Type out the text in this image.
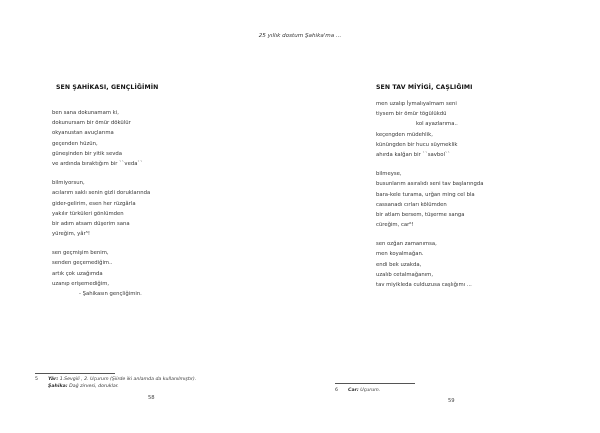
25 yıllık dostum Şahika'ma ...
SEN ŞAHİKASI, GENÇLİĞİMİN
ben sana dokunamam ki,
dokunursam bir ömür dökülür
okyanustan avuçlarıma
geçenden hüzün,
güneşinden bir yitik sevda
ve ardında bıraktığım bir ``veda``
bilmiyorsun,
acılarım saklı senin gizli doruklarında
gider-gelirim, esen her rüzgârla
yakılır türküleri gönlümden
bir adım atsam düşerim sana
yüreğim, yâr⁵!
sen geçmişim benim,
senden geçemediğim..
artık çok uzağımda
uzanıp erişemediğim,
- Şahikasın gençliğimin.
5 Yâr: 1.Sevgili , 2. Uçurum (Şiirde iki anlamda da kullanılmıştır).
Şahika: Dağ zirvesi, doruklar.
58
SEN TAV MİYİGİ, CAŞLIĞIMI
men uzalıp İymalıyalmam seni
tiysem bir ömür tögülükdü
kol ayazlarıma..
keçengden müdehlik,
kününgden bir hucu süymeklik
ahırda kalğan bir ``savbol``
bilmeyse,
busunlarım asıralıdı seni tav başlarıngda
bara-kele turama, urğan ming cel bla
cassanadı cırları kölümden
bir atlam bersem, tüşerme sanga
cüreğim, car⁶!
sen ozğan zamanımsa,
men koyalmağan.
endi bek uzakda,
uzalıb cetalmağanım,
tav miyikleda culduzusa caşlığımı ...
6 Car: Uçurum.
59
